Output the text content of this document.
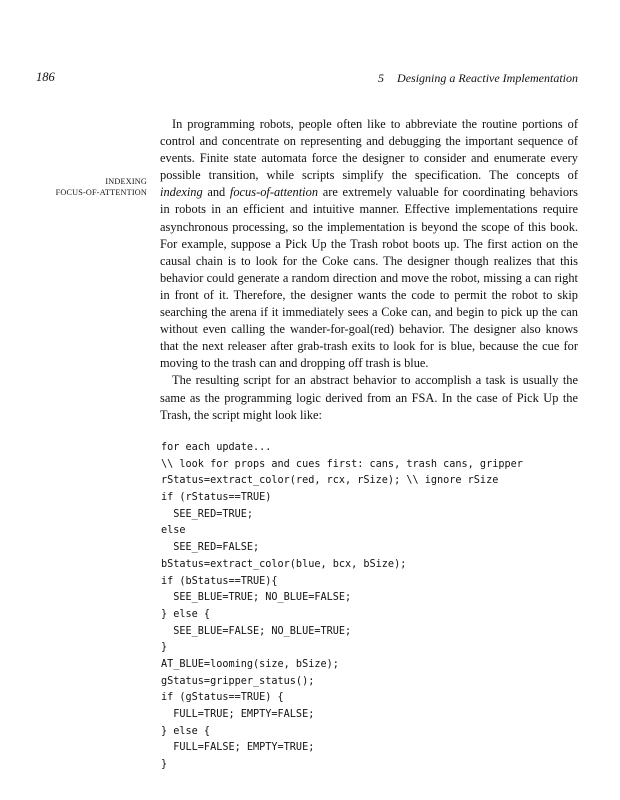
186	5 Designing a Reactive Implementation
INDEXING
FOCUS-OF-ATTENTION

In programming robots, people often like to abbreviate the routine portions of control and concentrate on representing and debugging the important sequence of events. Finite state automata force the designer to consider and enumerate every possible transition, while scripts simplify the specification. The concepts of indexing and focus-of-attention are extremely valuable for coordinating behaviors in robots in an efficient and intuitive manner. Effective implementations require asynchronous processing, so the implementation is beyond the scope of this book. For example, suppose a Pick Up the Trash robot boots up. The first action on the causal chain is to look for the Coke cans. The designer though realizes that this behavior could generate a random direction and move the robot, missing a can right in front of it. Therefore, the designer wants the code to permit the robot to skip searching the arena if it immediately sees a Coke can, and begin to pick up the can without even calling the wander-for-goal(red) behavior. The designer also knows that the next releaser after grab-trash exits to look for is blue, because the cue for moving to the trash can and dropping off trash is blue.

The resulting script for an abstract behavior to accomplish a task is usually the same as the programming logic derived from an FSA. In the case of Pick Up the Trash, the script might look like:

for each update...
\\ look for props and cues first: cans, trash cans, gripper
rStatus=extract_color(red, rcx, rSize); \\ ignore rSize
if (rStatus==TRUE)
SEE_RED=TRUE;
else
SEE_RED=FALSE;
bStatus=extract_color(blue, bcx, bSize);
if (bStatus==TRUE){
SEE_BLUE=TRUE; NO_BLUE=FALSE;
} else {
SEE_BLUE=FALSE; NO_BLUE=TRUE;
}
AT_BLUE=looming(size, bSize);
gStatus=gripper_status();
if (gStatus==TRUE) {
FULL=TRUE; EMPTY=FALSE;
} else {
FULL=FALSE; EMPTY=TRUE;
}
